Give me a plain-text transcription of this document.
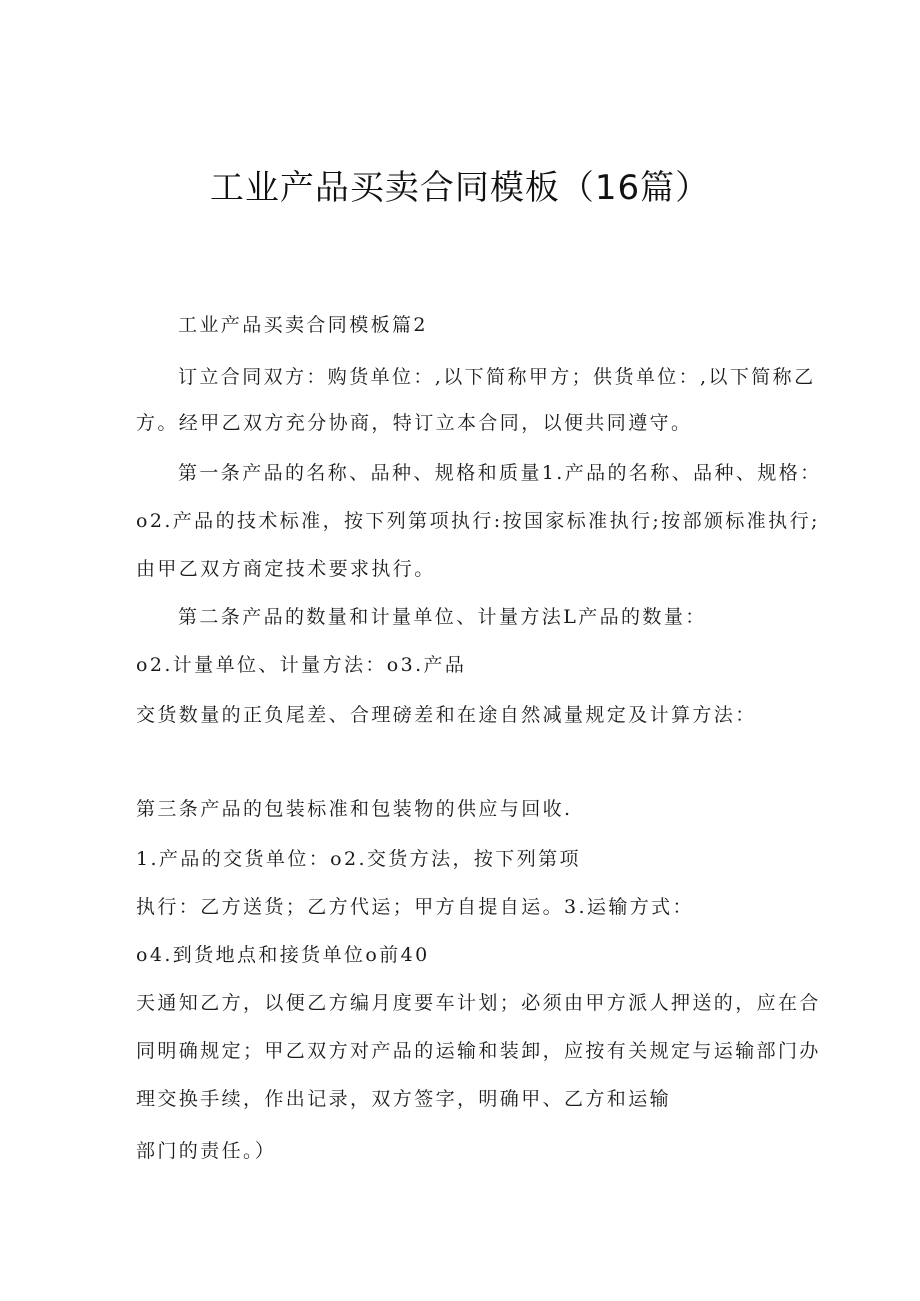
工业产品买卖合同模板（16篇）

工业产品买卖合同模板篇2

订立合同双方：购货单位：,以下简称甲方；供货单位：,以下简称乙

方。经甲乙双方充分协商，特订立本合同，以便共同遵守。

第一条产品的名称、品种、规格和质量1.产品的名称、品种、规格：

o2.产品的技术标准，按下列第项执行:按国家标准执行;按部颁标准执行;

由甲乙双方商定技术要求执行。

第二条产品的数量和计量单位、计量方法L产品的数量：

o2.计量单位、计量方法：o3.产品

交货数量的正负尾差、合理磅差和在途自然减量规定及计算方法：

第三条产品的包装标准和包装物的供应与回收.

1.产品的交货单位：o2.交货方法，按下列第项

执行：乙方送货；乙方代运；甲方自提自运。3.运输方式：

o4.到货地点和接货单位o前40

天通知乙方，以便乙方编月度要车计划；必须由甲方派人押送的，应在合

同明确规定；甲乙双方对产品的运输和装卸，应按有关规定与运输部门办

理交换手续，作出记录，双方签字，明确甲、乙方和运输

部门的责任。）
